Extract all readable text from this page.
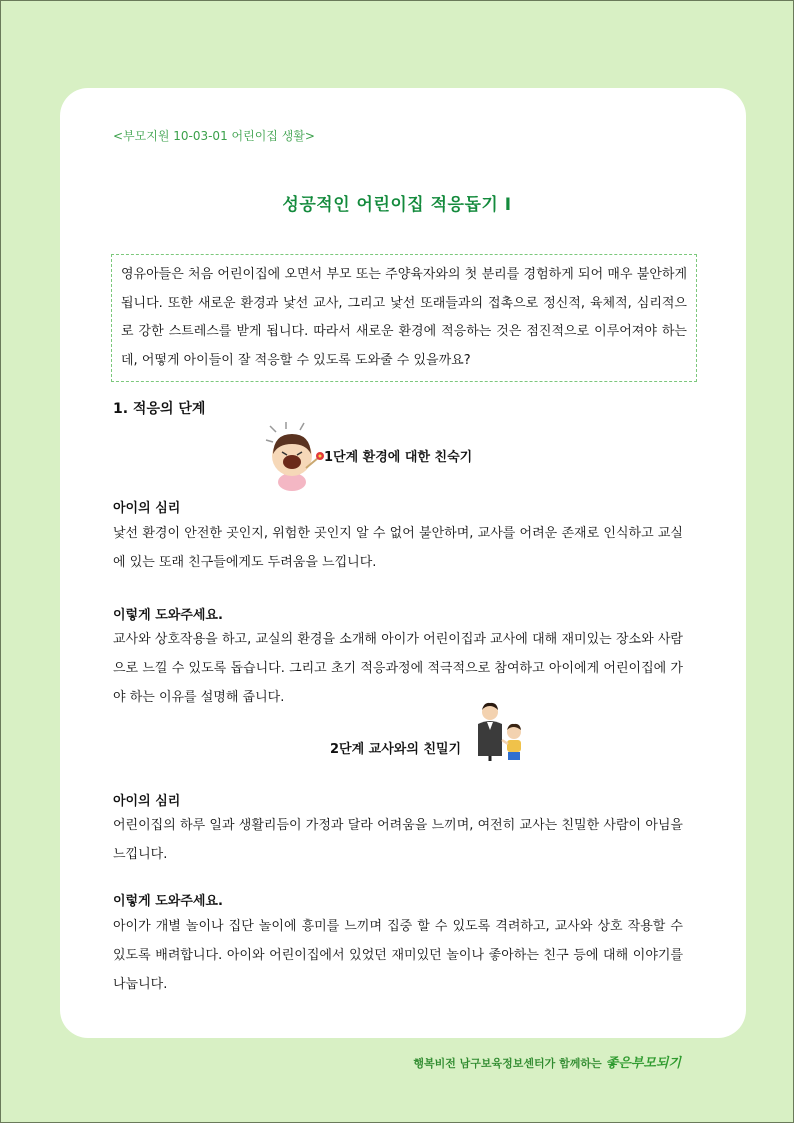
<부모지원 10-03-01 어린이집 생활>
성공적인 어린이집 적응돕기 Ⅰ
영유아들은 처음 어린이집에 오면서 부모 또는 주양육자와의 첫 분리를 경험하게 되어 매우 불안하게 됩니다. 또한 새로운 환경과 낯선 교사, 그리고 낯선 또래들과의 접촉으로 정신적, 육체적, 심리적으로 강한 스트레스를 받게 됩니다. 따라서 새로운 환경에 적응하는 것은 점진적으로 이루어져야 하는데, 어떻게 아이들이 잘 적응할 수 있도록 도와줄 수 있을까요?
1. 적응의 단계
1단계 환경에 대한 친숙기
아이의 심리
낯선 환경이 안전한 곳인지, 위험한 곳인지 알 수 없어 불안하며, 교사를 어려운 존재로 인식하고 교실에 있는 또래 친구들에게도 두려움을 느낍니다.
이렇게 도와주세요.
교사와 상호작용을 하고, 교실의 환경을 소개해 아이가 어린이집과 교사에 대해 재미있는 장소와 사람으로 느낄 수 있도록 돕습니다. 그리고 초기 적응과정에 적극적으로 참여하고 아이에게 어린이집에 가야 하는 이유를 설명해 줍니다.
2단계 교사와의 친밀기
아이의 심리
어린이집의 하루 일과 생활리듬이 가정과 달라 어려움을 느끼며, 여전히 교사는 친밀한 사람이 아님을 느낍니다.
이렇게 도와주세요.
아이가 개별 놀이나 집단 놀이에 흥미를 느끼며 집중 할 수 있도록 격려하고, 교사와 상호 작용할 수 있도록 배려합니다. 아이와 어린이집에서 있었던 재미있던 놀이나 좋아하는 친구 등에 대해 이야기를 나눕니다.
행복비전 남구보육정보센터가 함께하는 좋은부모되기
